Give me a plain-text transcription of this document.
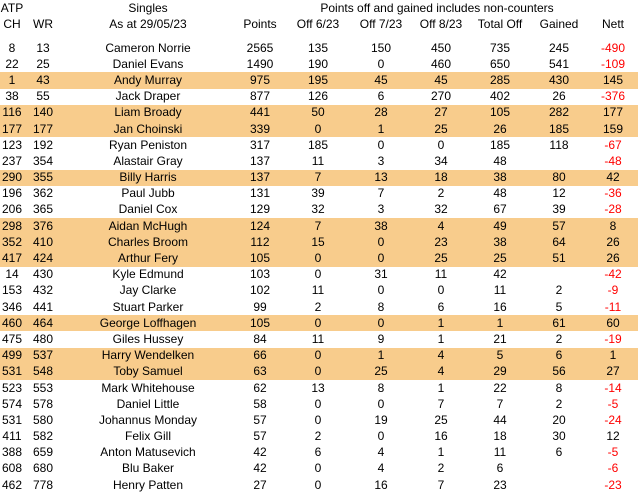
ATP		Singles		Points off and gained includes non-counters					
CH	WR	As at 29/05/23	Points	Off 6/23	Off 7/23	Off 8/23	Total Off	Gained	Nett

8	13	Cameron Norrie	2565	135	150	450	735	245	-490
22	25	Daniel Evans	1490	190	0	460	650	541	-109
1	43	Andy Murray	975	195	45	45	285	430	145
38	55	Jack Draper	877	126	6	270	402	26	-376
116	140	Liam Broady	441	50	28	27	105	282	177
177	177	Jan Choinski	339	0	1	25	26	185	159
123	192	Ryan Peniston	317	185	0	0	185	118	-67
237	354	Alastair Gray	137	11	3	34	48		-48
290	355	Billy Harris	137	7	13	18	38	80	42
196	362	Paul Jubb	131	39	7	2	48	12	-36
206	365	Daniel Cox	129	32	3	32	67	39	-28
298	376	Aidan McHugh	124	7	38	4	49	57	8
352	410	Charles Broom	112	15	0	23	38	64	26
417	424	Arthur Fery	105	0	0	25	25	51	26
14	430	Kyle Edmund	103	0	31	11	42		-42
153	432	Jay Clarke	102	11	0	0	11	2	-9
346	441	Stuart Parker	99	2	8	6	16	5	-11
460	464	George Loffhagen	105	0	0	1	1	61	60
475	480	Giles Hussey	84	11	9	1	21	2	-19
499	537	Harry Wendelken	66	0	1	4	5	6	1
531	548	Toby Samuel	63	0	25	4	29	56	27
523	553	Mark Whitehouse	62	13	8	1	22	8	-14
574	578	Daniel Little	58	0	0	7	7	2	-5
531	580	Johannus Monday	57	0	19	25	44	20	-24
411	582	Felix Gill	57	2	0	16	18	30	12
388	659	Anton Matusevich	42	6	4	1	11	6	-5
608	680	Blu Baker	42	0	4	2	6		-6
462	778	Henry Patten	27	0	16	7	23		-23
